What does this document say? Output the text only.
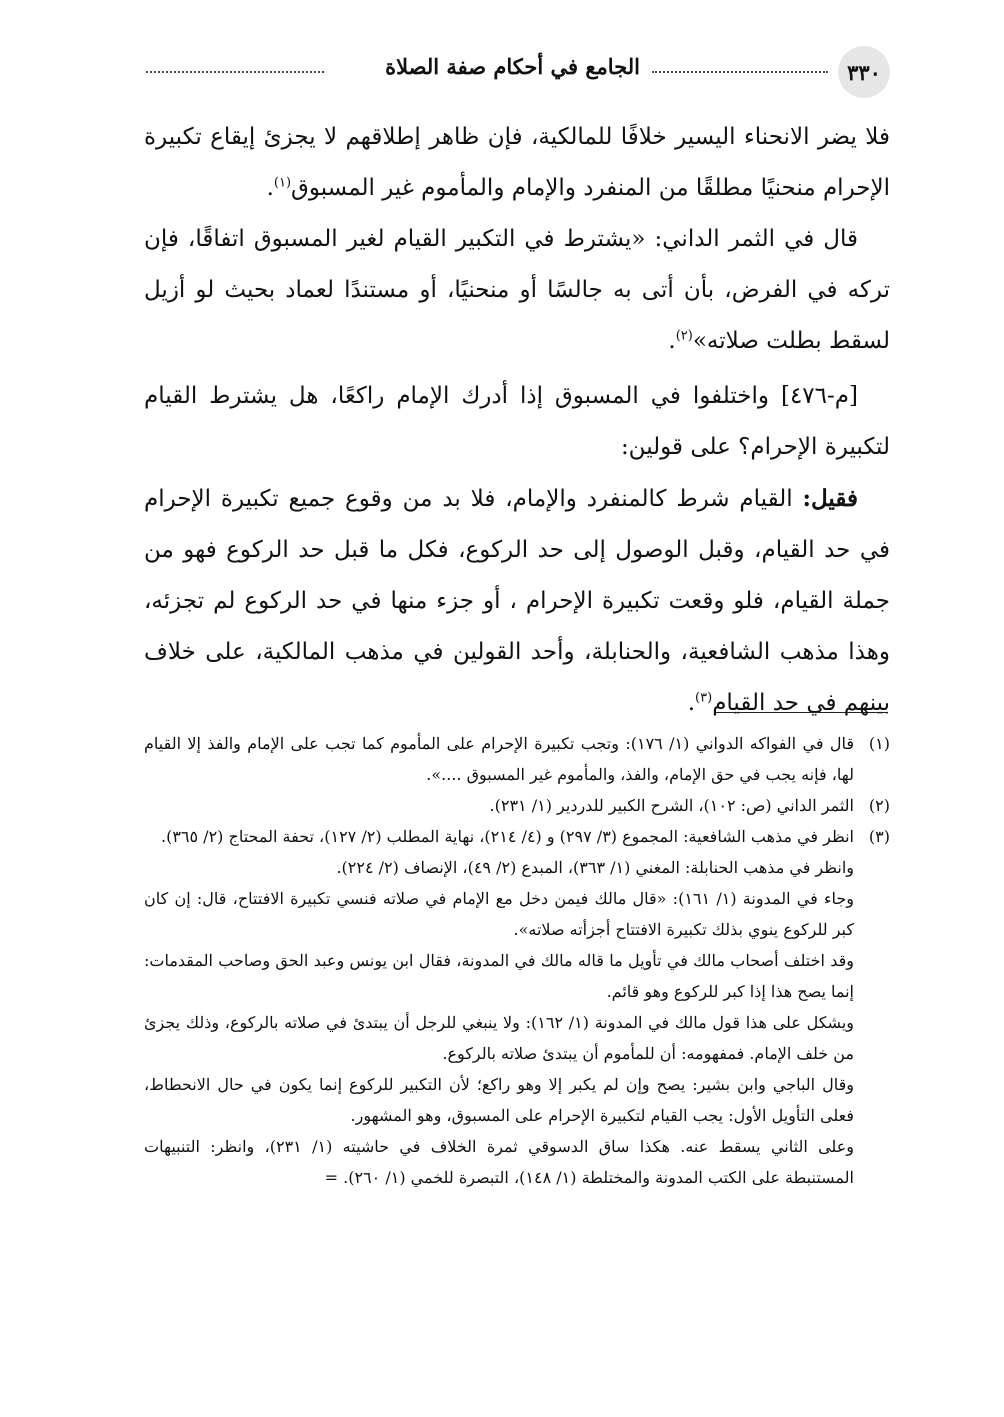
٣٣٠
الجامع في أحكام صفة الصلاة

فلا يضر الانحناء اليسير خلافًا للمالكية، فإن ظاهر إطلاقهم لا يجزئ إيقاع تكبيرة الإحرام منحنيًا مطلقًا من المنفرد والإمام والمأموم غير المسبوق$^{(١)}$.

قال في الثمر الداني: «يشترط في التكبير القيام لغير المسبوق اتفاقًا، فإن تركه في الفرض، بأن أتى به جالسًا أو منحنيًا، أو مستندًا لعماد بحيث لو أزيل لسقط بطلت صلاته»$^{(٢)}$.

[م-٤٧٦] واختلفوا في المسبوق إذا أدرك الإمام راكعًا، هل يشترط القيام لتكبيرة الإحرام؟ على قولين:

فقيل: القيام شرط كالمنفرد والإمام، فلا بد من وقوع جميع تكبيرة الإحرام في حد القيام، وقبل الوصول إلى حد الركوع، فكل ما قبل حد الركوع فهو من جملة القيام، فلو وقعت تكبيرة الإحرام ، أو جزء منها في حد الركوع لم تجزئه، وهذا مذهب الشافعية، والحنابلة، وأحد القولين في مذهب المالكية، على خلاف بينهم في حد القيام$^{(٣)}$.

(١)
قال في الفواكه الدواني (١/ ١٧٦): وتجب تكبيرة الإحرام على المأموم كما تجب على الإمام والفذ إلا القيام لها، فإنه يجب في حق الإمام، والفذ، والمأموم غير المسبوق ....».

(٢)
الثمر الداني (ص: ١٠٢)، الشرح الكبير للدردير (١/ ٢٣١).

(٣)
انظر في مذهب الشافعية: المجموع (٣/ ٢٩٧) و (٤/ ٢١٤)، نهاية المطلب (٢/ ١٢٧)، تحفة المحتاج (٢/ ٣٦٥).

وانظر في مذهب الحنابلة: المغني (١/ ٣٦٣)، المبدع (٢/ ٤٩)، الإنصاف (٢/ ٢٢٤).

وجاء في المدونة (١/ ١٦١): «قال مالك فيمن دخل مع الإمام في صلاته فنسي تكبيرة الافتتاح، قال: إن كان كبر للركوع ينوي بذلك تكبيرة الافتتاح أجزأته صلاته».

وقد اختلف أصحاب مالك في تأويل ما قاله مالك في المدونة، فقال ابن يونس وعبد الحق وصاحب المقدمات: إنما يصح هذا إذا كبر للركوع وهو قائم.

ويشكل على هذا قول مالك في المدونة (١/ ١٦٢): ولا ينبغي للرجل أن يبتدئ في صلاته بالركوع، وذلك يجزئ من خلف الإمام. فمفهومه: أن للمأموم أن يبتدئ صلاته بالركوع.

وقال الباجي وابن بشير: يصح وإن لم يكبر إلا وهو راكع؛ لأن التكبير للركوع إنما يكون في حال الانحطاط، فعلى التأويل الأول: يجب القيام لتكبيرة الإحرام على المسبوق، وهو المشهور.

وعلى الثاني يسقط عنه. هكذا ساق الدسوقي ثمرة الخلاف في حاشيته (١/ ٢٣١)، وانظر: التنبيهات المستنبطة على الكتب المدونة والمختلطة (١/ ١٤٨)، التبصرة للخمي (١/ ٢٦٠). =
